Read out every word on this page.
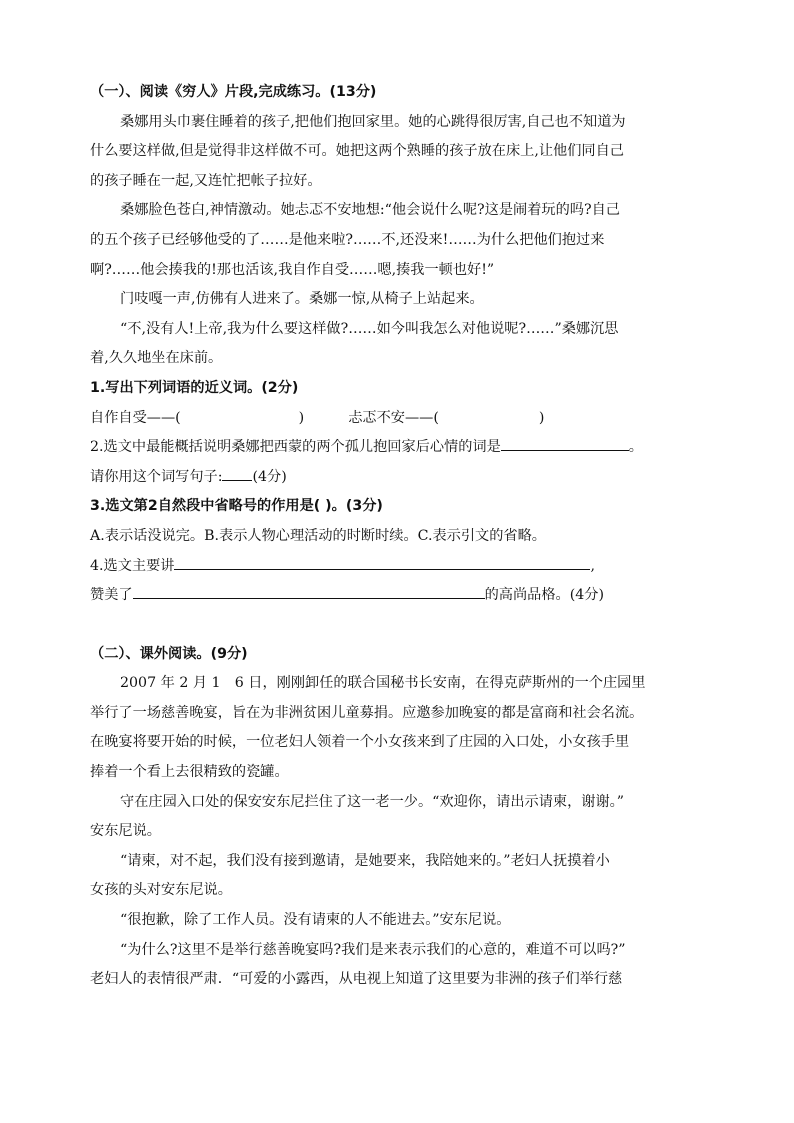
（一）、阅读《穷人》片段,完成练习。(13分)
桑娜用头巾裹住睡着的孩子,把他们抱回家里。她的心跳得很厉害,自己也不知道为
什么要这样做,但是觉得非这样做不可。她把这两个熟睡的孩子放在床上,让他们同自己
的孩子睡在一起,又连忙把帐子拉好。
桑娜脸色苍白,神情激动。她忐忑不安地想:“他会说什么呢?这是闹着玩的吗?自己
的五个孩子已经够他受的了……是他来啦?……不,还没来!……为什么把他们抱过来
啊?……他会揍我的!那也活该,我自作自受……嗯,揍我一顿也好!”
门吱嘎一声,仿佛有人进来了。桑娜一惊,从椅子上站起来。
“不,没有人!上帝,我为什么要这样做?……如今叫我怎么对他说呢?……”桑娜沉思
着,久久地坐在床前。
1.写出下列词语的近义词。(2分)
自作自受——(	)	忐忑不安——(	)
2.选文中最能概括说明桑娜把西蒙的两个孤儿抱回家后心情的词是	。
请你用这个词写句子: (4分)
3.选文第2自然段中省略号的作用是( )。(3分)
A.表示话没说完。B.表示人物心理活动的时断时续。C.表示引文的省略。
4.选文主要讲	,
赞美了	的高尚品格。(4分)
（二）、课外阅读。(9分)
2007 年 2 月 1　6 日，刚刚卸任的联合国秘书长安南，在得克萨斯州的一个庄园里
举行了一场慈善晚宴，旨在为非洲贫困儿童募捐。应邀参加晚宴的都是富商和社会名流。
在晚宴将要开始的时候，一位老妇人领着一个小女孩来到了庄园的入口处，小女孩手里
捧着一个看上去很精致的瓷罐。
守在庄园入口处的保安安东尼拦住了这一老一少。“欢迎你，请出示请柬，谢谢。”
安东尼说。
“请柬，对不起，我们没有接到邀请，是她要来，我陪她来的。”老妇人抚摸着小
女孩的头对安东尼说。
“很抱歉，除了工作人员。没有请柬的人不能进去。”安东尼说。
“为什么?这里不是举行慈善晚宴吗?我们是来表示我们的心意的，难道不可以吗?”
老妇人的表情很严肃．“可爱的小露西，从电视上知道了这里要为非洲的孩子们举行慈
